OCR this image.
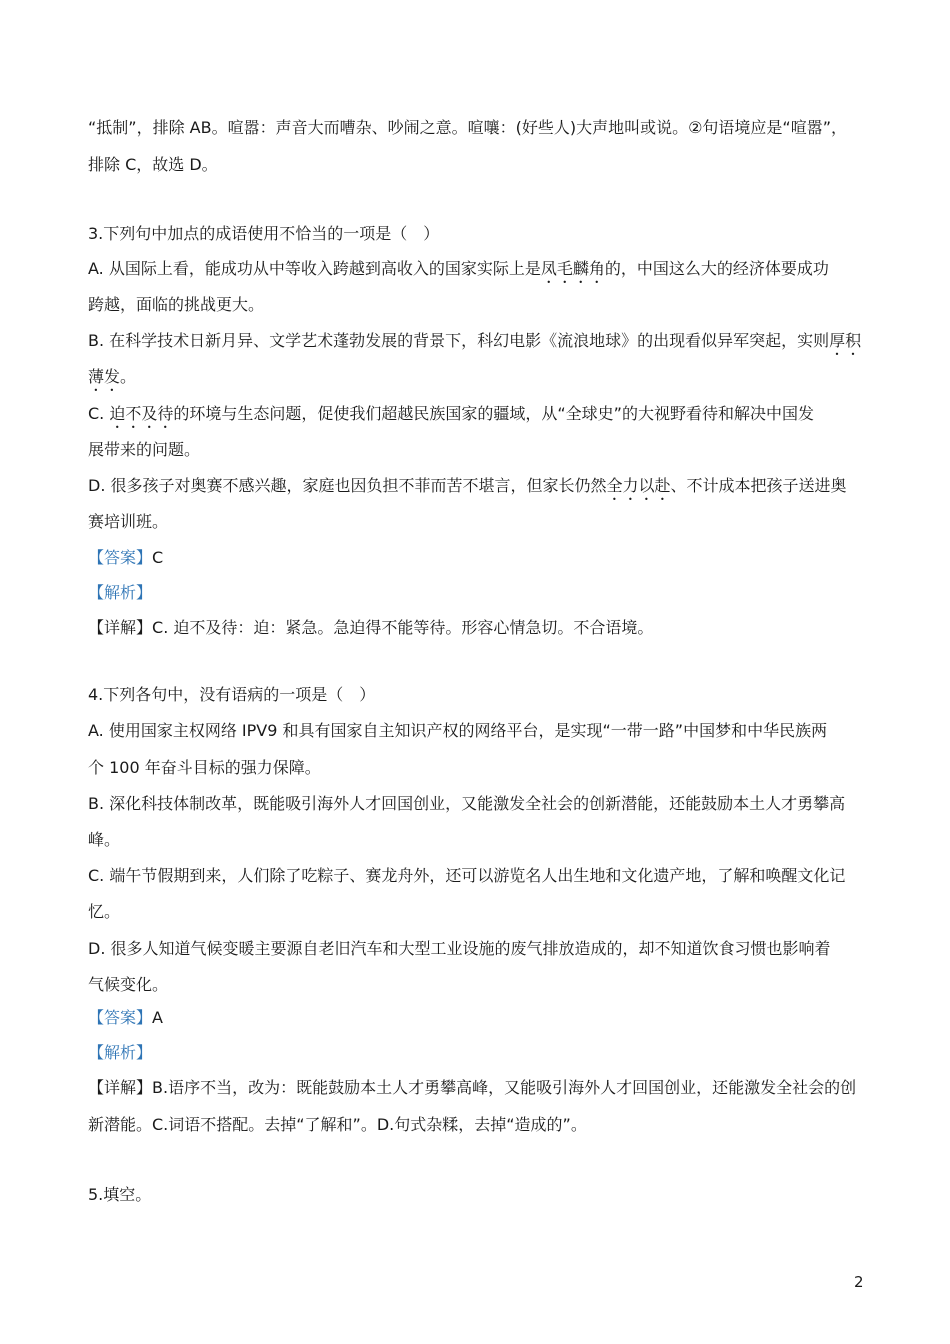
“抵制”，排除 AB。喧嚣：声音大而嘈杂、吵闹之意。喧嚷：(好些人)大声地叫或说。②句语境应是“喧嚣”，
排除 C，故选 D。
3.下列句中加点的成语使用不恰当的一项是（　）
A. 从国际上看，能成功从中等收入跨越到高收入的国家实际上是凤毛麟角的，中国这么大的经济体要成功
跨越，面临的挑战更大。
B. 在科学技术日新月异、文学艺术蓬勃发展的背景下，科幻电影《流浪地球》的出现看似异军突起，实则厚积
薄发。
C. 迫不及待的环境与生态问题，促使我们超越民族国家的疆域，从“全球史”的大视野看待和解决中国发
展带来的问题。
D. 很多孩子对奥赛不感兴趣，家庭也因负担不菲而苦不堪言，但家长仍然全力以赴、不计成本把孩子送进奥
赛培训班。
【答案】C
【解析】
【详解】C. 迫不及待：迫：紧急。急迫得不能等待。形容心情急切。不合语境。
4.下列各句中，没有语病的一项是（　）
A. 使用国家主权网络 IPV9 和具有国家自主知识产权的网络平台，是实现“一带一路”中国梦和中华民族两
个 100 年奋斗目标的强力保障。
B. 深化科技体制改革，既能吸引海外人才回国创业，又能激发全社会的创新潜能，还能鼓励本土人才勇攀高
峰。
C. 端午节假期到来，人们除了吃粽子、赛龙舟外，还可以游览名人出生地和文化遗产地，了解和唤醒文化记
忆。
D. 很多人知道气候变暖主要源自老旧汽车和大型工业设施的废气排放造成的，却不知道饮食习惯也影响着
气候变化。
【答案】A
【解析】
【详解】B.语序不当，改为：既能鼓励本土人才勇攀高峰，又能吸引海外人才回国创业，还能激发全社会的创
新潜能。C.词语不搭配。去掉“了解和”。D.句式杂糅，去掉“造成的”。
5.填空。
2
